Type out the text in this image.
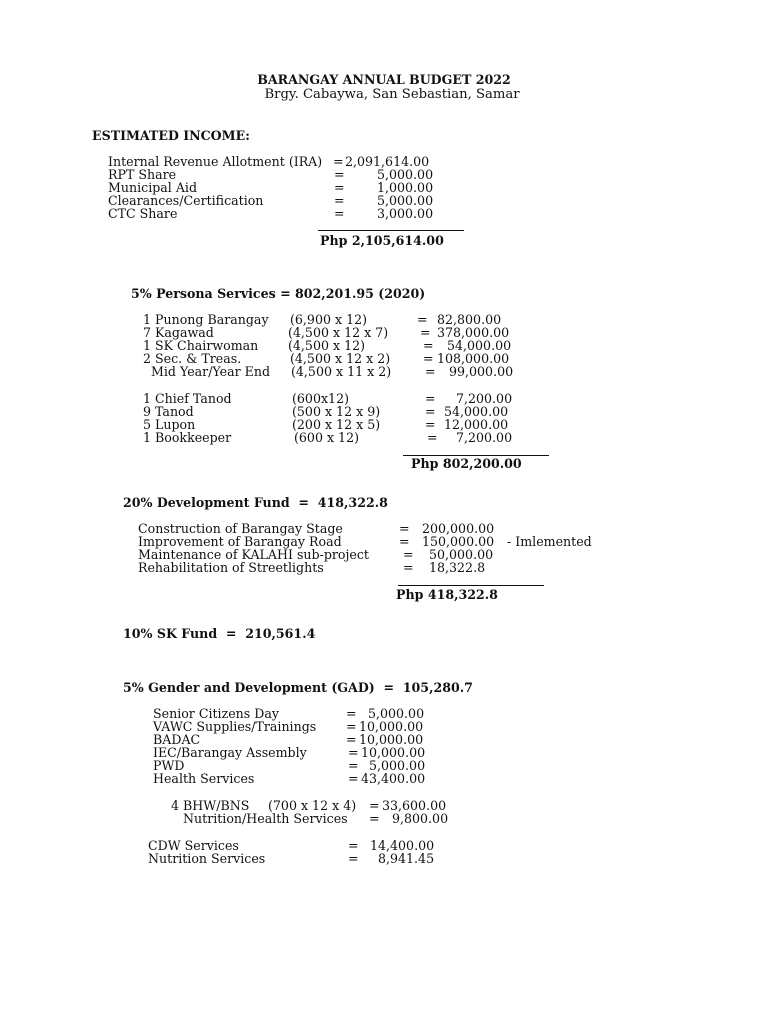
BARANGAY ANNUAL BUDGET 2022
Brgy. Cabaywa, San Sebastian, Samar
ESTIMATED INCOME:
Internal Revenue Allotment (IRA) = 2,091,614.00
RPT Share	=	5,000.00
Municipal Aid	=	1,000.00
Clearances/Certification	=	5,000.00
CTC Share	=	3,000.00
Php 2,105,614.00
5% Persona Services = 802,201.95 (2020)
1 Punong Barangay (6,900 x 12)	= 82,800.00
7 Kagawad	(4,500 x 12 x 7)	= 378,000.00
1 SK Chairwoman (4,500 x 12)	= 54,000.00
2 Sec. & Treas.	(4,500 x 12 x 2)	= 108,000.00
Mid Year/Year End (4,500 x 11 x 2)	= 99,000.00
1 Chief Tanod	(600x12)	= 7,200.00
9 Tanod	(500 x 12 x 9)	= 54,000.00
5 Lupon	(200 x 12 x 5)	= 12,000.00
1 Bookkeeper	(600 x 12)	= 7,200.00
Php 802,200.00
20% Development Fund  =  418,322.8
Construction of Barangay Stage	= 200,000.00
Improvement of Barangay Road	= 150,000.00 - Imlemented
Maintenance of KALAHI sub-project	= 50,000.00
Rehabilitation of Streetlights	= 18,322.8
Php 418,322.8
10% SK Fund  =  210,561.4
5% Gender and Development (GAD)  =  105,280.7
Senior Citizens Day	= 5,000.00
VAWC Supplies/Trainings = 10,000.00
BADAC	= 10,000.00
IEC/Barangay Assembly	= 10,000.00
PWD	= 5,000.00
Health Services	= 43,400.00
4 BHW/BNS (700 x 12 x 4) = 33,600.00
Nutrition/Health Services = 9,800.00
CDW Services	= 14,400.00
Nutrition Services	= 8,941.45
